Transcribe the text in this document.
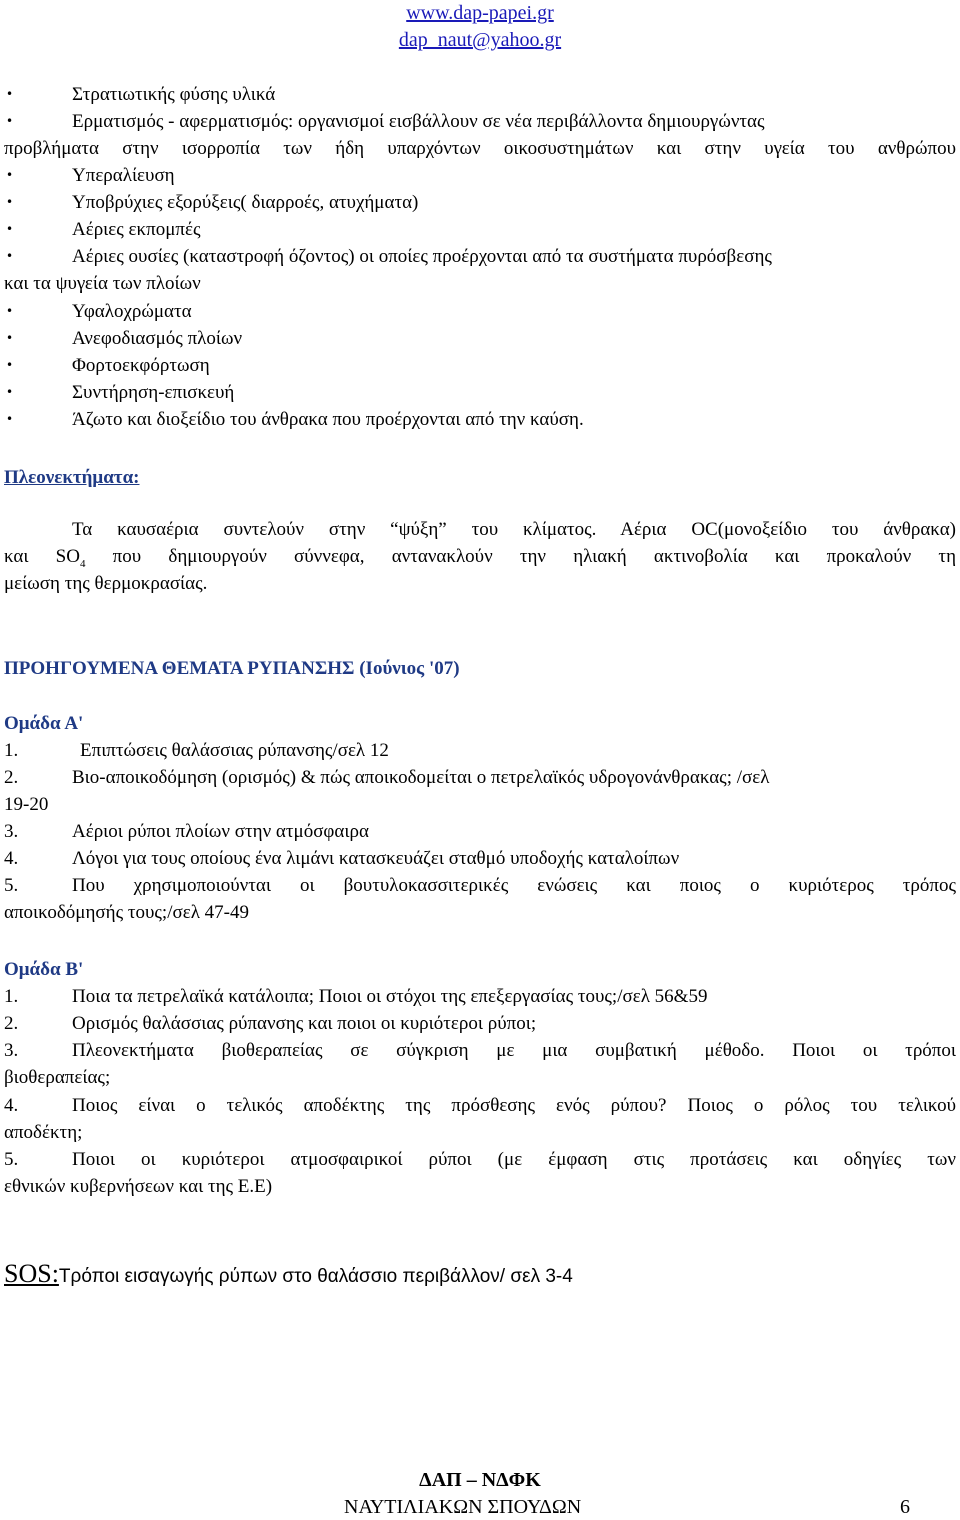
www.dap-papei.gr
dap_naut@yahoo.gr
•	Στρατιωτικής φύσης υλικά
•	Ερματισμός - αφερματισμός: οργανισμοί εισβάλλουν σε νέα περιβάλλοντα δημιουργώντας
προβλήματα στην ισορροπία των ήδη υπαρχόντων οικοσυστημάτων και στην υγεία του ανθρώπου
•	Υπεραλίευση
•	Υποβρύχιες εξορύξεις( διαρροές, ατυχήματα)
•	Αέριες εκπομπές
•	Αέριες ουσίες (καταστροφή όζοντος) οι οποίες προέρχονται από τα συστήματα πυρόσβεσης
και τα ψυγεία των πλοίων
•	Υφαλοχρώματα
•	Ανεφοδιασμός πλοίων
•	Φορτοεκφόρτωση
•	Συντήρηση-επισκευή
•	Άζωτο και διοξείδιο του άνθρακα που προέρχονται από την καύση.
Πλεονεκτήματα:
Τα καυσαέρια συντελούν στην “ψύξη” του κλίματος. Αέρια OC(μονοξείδιο του άνθρακα)
και $SO_4$ που δημιουργούν σύννεφα, αντανακλούν την ηλιακή ακτινοβολία και προκαλούν τη
μείωση της θερμοκρασίας.
ΠΡΟΗΓΟΥΜΕΝΑ ΘΕΜΑΤΑ ΡΥΠΑΝΣΗΣ (Ιούνιος '07)
Ομάδα Α'
1.	Επιπτώσεις θαλάσσιας ρύπανσης/σελ 12
2.	Βιο-αποικοδόμηση (ορισμός) & πώς αποικοδομείται ο πετρελαϊκός υδρογονάνθρακας; /σελ
19-20
3.	Αέριοι ρύποι πλοίων στην ατμόσφαιρα
4.	Λόγοι για τους οποίους ένα λιμάνι κατασκευάζει σταθμό υποδοχής καταλοίπων
5.	Που χρησιμοποιούνται οι βουτυλοκασσιτερικές ενώσεις και ποιος ο κυριότερος τρόπος
αποικοδόμησής τους;/σελ 47-49
Ομάδα Β'
1.	Ποια τα πετρελαϊκά κατάλοιπα; Ποιοι οι στόχοι της επεξεργασίας τους;/σελ 56&59
2.	Ορισμός θαλάσσιας ρύπανσης και ποιοι οι κυριότεροι ρύποι;
3.	Πλεονεκτήματα βιοθεραπείας σε σύγκριση με μια συμβατική μέθοδο. Ποιοι οι τρόποι
βιοθεραπείας;
4.	Ποιος είναι ο τελικός αποδέκτης της πρόσθεσης ενός ρύπου? Ποιος ο ρόλος του τελικού
αποδέκτη;
5.	Ποιοι οι κυριότεροι ατμοσφαιρικοί ρύποι (με έμφαση στις προτάσεις και οδηγίες των
εθνικών κυβερνήσεων και της Ε.Ε)
SOS:Τρόποι εισαγωγής ρύπων στο θαλάσσιο περιβάλλον/ σελ 3-4
ΔΑΠ – ΝΔΦΚ
ΝΑΥΤΙΛΙΑΚΩΝ ΣΠΟΥΔΩΝ	6
